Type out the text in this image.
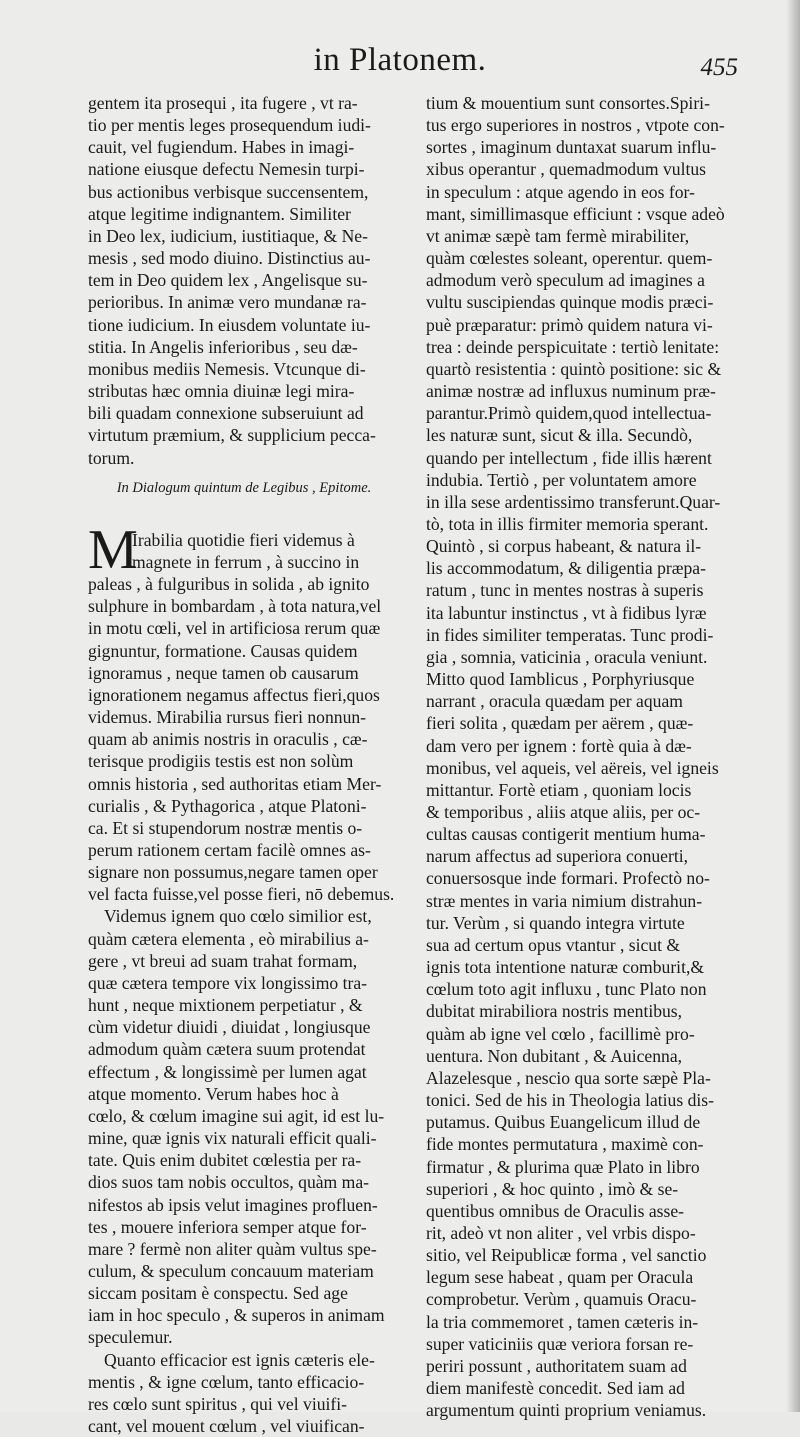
in Platonem.	455
gentem ita prosequi , ita fugere , vt ra-
tio per mentis leges prosequendum iudi-
cauit, vel fugiendum. Habes in imagi-
natione eiusque defectu Nemesin turpi-
bus actionibus verbisque succensentem,
atque legitime indignantem. Similiter
in Deo lex, iudicium, iustitiaque, & Ne-
mesis , sed modo diuino. Distinctius au-
tem in Deo quidem lex , Angelisque su-
perioribus. In animæ vero mundanæ ra-
tione iudicium. In eiusdem voluntate iu-
stitia. In Angelis inferioribus , seu dæ-
monibus mediis Nemesis. Vtcunque di-
stributas hæc omnia diuinæ legi mira-
bili quadam connexione subseruiunt ad
virtutum præmium, & supplicium pecca-
torum.
In Dialogum quintum de Legibus , Epitome.
M
Irabilia quotidie fieri videmus à
magnete in ferrum , à succino in
paleas , à fulguribus in solida , ab ignito
sulphure in bombardam , à tota natura,vel
in motu cœli, vel in artificiosa rerum quæ
gignuntur, formatione. Causas quidem
ignoramus , neque tamen ob causarum
ignorationem negamus affectus fieri,quos
videmus. Mirabilia rursus fieri nonnun-
quam ab animis nostris in oraculis , cæ-
terisque prodigiis testis est non solùm
omnis historia , sed authoritas etiam Mer-
curialis , & Pythagorica , atque Platoni-
ca. Et si stupendorum nostræ mentis o-
perum rationem certam facilè omnes as-
signare non possumus,negare tamen oper
vel facta fuisse,vel posse fieri, nō debemus.
Videmus ignem quo cœlo similior est,
quàm cætera elementa , eò mirabilius a-
gere , vt breui ad suam trahat formam,
quæ cætera tempore vix longissimo tra-
hunt , neque mixtionem perpetiatur , &
cùm videtur diuidi , diuidat , longiusque
admodum quàm cætera suum protendat
effectum , & longissimè per lumen agat
atque momento. Verum habes hoc à
cœlo, & cœlum imagine sui agit, id est lu-
mine, quæ ignis vix naturali efficit quali-
tate. Quis enim dubitet cœlestia per ra-
dios suos tam nobis occultos, quàm ma-
nifestos ab ipsis velut imagines profluen-
tes , mouere inferiora semper atque for-
mare ? fermè non aliter quàm vultus spe-
culum, & speculum concauum materiam
siccam positam è conspectu. Sed age
iam in hoc speculo , & superos in animam
speculemur.
Quanto efficacior est ignis cæteris ele-
mentis , & igne cœlum, tanto efficacio-
res cœlo sunt spiritus , qui vel viuifi-
cant, vel mouent cœlum , vel viuifican-
tium & mouentium sunt consortes.Spiri-
tus ergo superiores in nostros , vtpote con-
sortes , imaginum duntaxat suarum influ-
xibus operantur , quemadmodum vultus
in speculum : atque agendo in eos for-
mant, simillimasque efficiunt : vsque adeò
vt animæ sæpè tam fermè mirabiliter,
quàm cœlestes soleant, operentur. quem-
admodum verò speculum ad imagines a
vultu suscipiendas quinque modis præci-
puè præparatur: primò quidem natura vi-
trea : deinde perspicuitate : tertiò lenitate:
quartò resistentia : quintò positione: sic &
animæ nostræ ad influxus numinum præ-
parantur.Primò quidem,quod intellectua-
les naturæ sunt, sicut & illa. Secundò,
quando per intellectum , fide illis hærent
indubia. Tertiò , per voluntatem amore
in illa sese ardentissimo transferunt.Quar-
tò, tota in illis firmiter memoria sperant.
Quintò , si corpus habeant, & natura il-
lis accommodatum, & diligentia præpa-
ratum , tunc in mentes nostras à superis
ita labuntur instinctus , vt à fidibus lyræ
in fides similiter temperatas. Tunc prodi-
gia , somnia, vaticinia , oracula veniunt.
Mitto quod Iamblicus , Porphyriusque
narrant , oracula quædam per aquam
fieri solita , quædam per aërem , quæ-
dam vero per ignem : fortè quia à dæ-
monibus, vel aqueis, vel aëreis, vel igneis
mittantur. Fortè etiam , quoniam locis
& temporibus , aliis atque aliis, per oc-
cultas causas contigerit mentium huma-
narum affectus ad superiora conuerti,
conuersosque inde formari. Profectò no-
stræ mentes in varia nimium distrahun-
tur. Verùm , si quando integra virtute
sua ad certum opus vtantur , sicut &
ignis tota intentione naturæ comburit,&
cœlum toto agit influxu , tunc Plato non
dubitat mirabiliora nostris mentibus,
quàm ab igne vel cœlo , facillimè pro-
uentura. Non dubitant , & Auicenna,
Alazelesque , nescio qua sorte sæpè Pla-
tonici. Sed de his in Theologia latius dis-
putamus. Quibus Euangelicum illud de
fide montes permutatura , maximè con-
firmatur , & plurima quæ Plato in libro
superiori , & hoc quinto , imò & se-
quentibus omnibus de Oraculis asse-
rit, adeò vt non aliter , vel vrbis dispo-
sitio, vel Reipublicæ forma , vel sanctio
legum sese habeat , quam per Oracula
comprobetur. Verùm , quamuis Oracu-
la tria commemoret , tamen cæteris in-
super vaticiniis quæ veriora forsan re-
periri possunt , authoritatem suam ad
diem manifestè concedit. Sed iam ad
argumentum quinti proprium veniamus.
